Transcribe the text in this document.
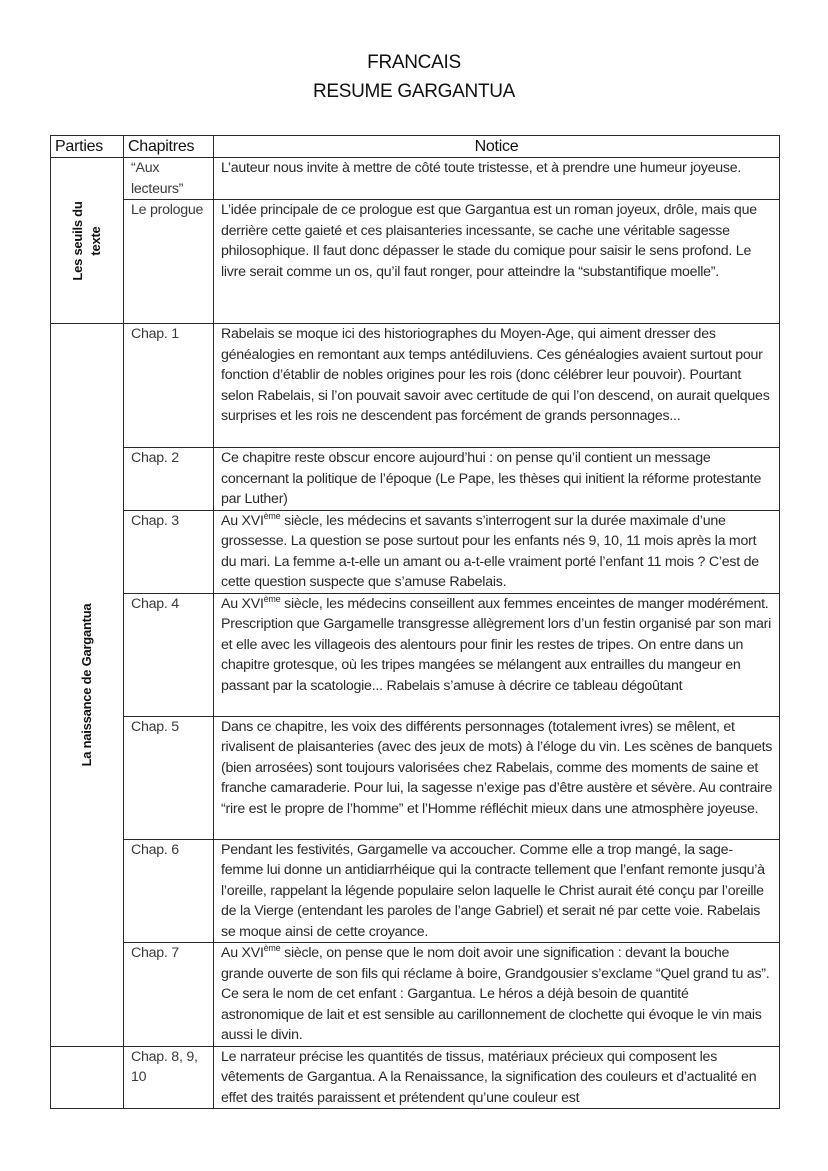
FRANCAIS
RESUME GARGANTUA
Parties	Chapitres	Notice

Les seuils du texte	“Aux lecteurs”	L’auteur nous invite à mettre de côté toute tristesse, et à prendre une humeur joyeuse.
	Le prologue	L’idée principale de ce prologue est que Gargantua est un roman joyeux, drôle, mais que derrière cette gaieté et ces plaisanteries incessante, se cache une véritable sagesse philosophique. Il faut donc dépasser le stade du comique pour saisir le sens profond. Le livre serait comme un os, qu’il faut ronger, pour atteindre la “substantifique moelle”.

La naissance de Gargantua	Chap. 1	Rabelais se moque ici des historiographes du Moyen-Age, qui aiment dresser des généalogies en remontant aux temps antédiluviens. Ces généalogies avaient surtout pour fonction d’établir de nobles origines pour les rois (donc célébrer leur pouvoir). Pourtant selon Rabelais, si l’on pouvait savoir avec certitude de qui l’on descend, on aurait quelques surprises et les rois ne descendent pas forcément de grands personnages...
	Chap. 2	Ce chapitre reste obscur encore aujourd’hui : on pense qu’il contient un message concernant la politique de l’époque (Le Pape, les thèses qui initient la réforme protestante par Luther)
	Chap. 3	Au XVIème siècle, les médecins et savants s’interrogent sur la durée maximale d’une grossesse. La question se pose surtout pour les enfants nés 9, 10, 11 mois après la mort du mari. La femme a-t-elle un amant ou a-t-elle vraiment porté l’enfant 11 mois ? C’est de cette question suspecte que s’amuse Rabelais.
	Chap. 4	Au XVIème siècle, les médecins conseillent aux femmes enceintes de manger modérément. Prescription que Gargamelle transgresse allègrement lors d’un festin organisé par son mari et elle avec les villageois des alentours pour finir les restes de tripes. On entre dans un chapitre grotesque, où les tripes mangées se mélangent aux entrailles du mangeur en passant par la scatologie... Rabelais s’amuse à décrire ce tableau dégoûtant
	Chap. 5	Dans ce chapitre, les voix des différents personnages (totalement ivres) se mêlent, et rivalisent de plaisanteries (avec des jeux de mots) à l’éloge du vin. Les scènes de banquets (bien arrosées) sont toujours valorisées chez Rabelais, comme des moments de saine et franche camaraderie. Pour lui, la sagesse n’exige pas d’être austère et sévère. Au contraire “rire est le propre de l’homme” et l’Homme réfléchit mieux dans une atmosphère joyeuse.
	Chap. 6	Pendant les festivités, Gargamelle va accoucher. Comme elle a trop mangé, la sage-femme lui donne un antidiarrhéique qui la contracte tellement que l’enfant remonte jusqu’à l’oreille, rappelant la légende populaire selon laquelle le Christ aurait été conçu par l’oreille de la Vierge (entendant les paroles de l’ange Gabriel) et serait né par cette voie. Rabelais se moque ainsi de cette croyance.
	Chap. 7	Au XVIème siècle, on pense que le nom doit avoir une signification : devant la bouche grande ouverte de son fils qui réclame à boire, Grandgousier s’exclame “Quel grand tu as”. Ce sera le nom de cet enfant : Gargantua. Le héros a déjà besoin de quantité astronomique de lait et est sensible au carillonnement de clochette qui évoque le vin mais aussi le divin.
	Chap. 8, 9, 10	Le narrateur précise les quantités de tissus, matériaux précieux qui composent les vêtements de Gargantua. A la Renaissance, la signification des couleurs et d’actualité en effet des traités paraissent et prétendent qu’une couleur est
